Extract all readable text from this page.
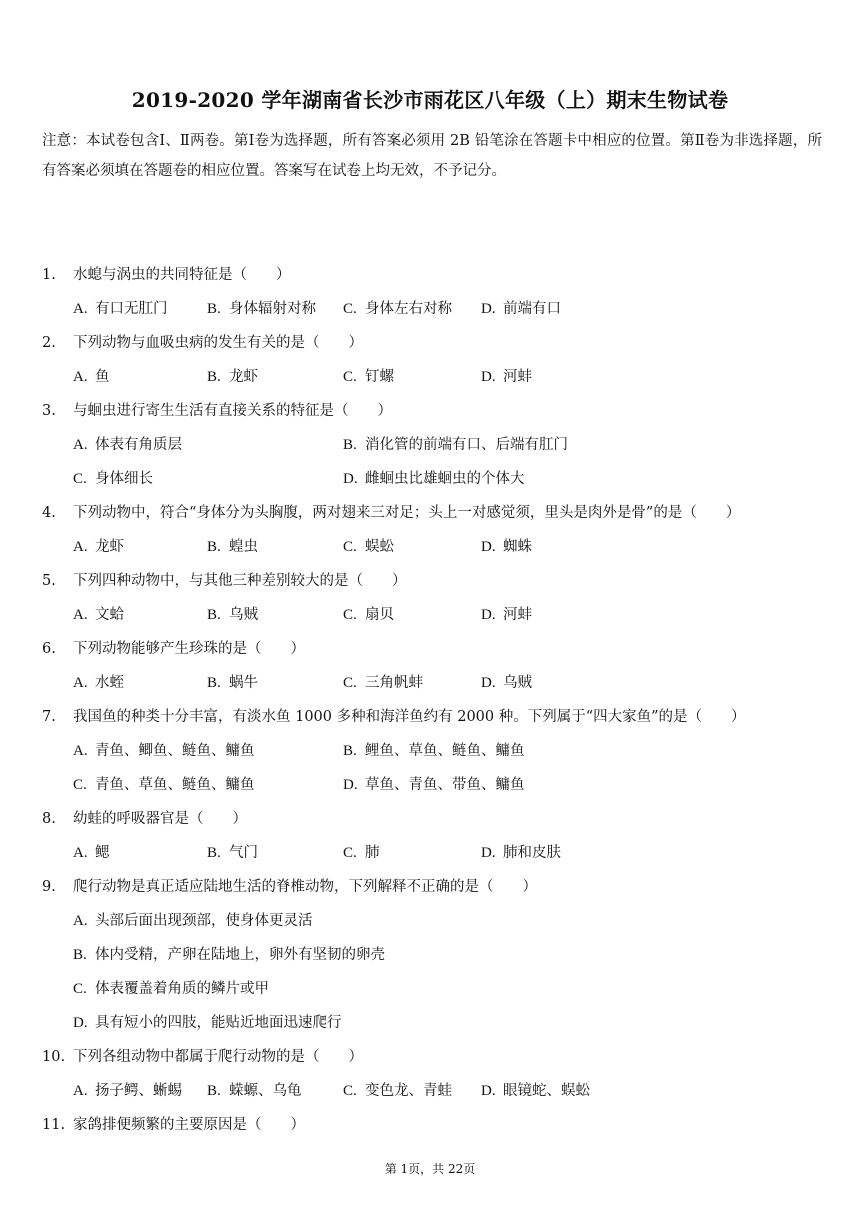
2019-2020 学年湖南省长沙市雨花区八年级（上）期末生物试卷
注意：本试卷包含Ⅰ、Ⅱ两卷。第Ⅰ卷为选择题，所有答案必须用 2B 铅笔涂在答题卡中相应的位置。第Ⅱ卷为非选择题，所有答案必须填在答题卷的相应位置。答案写在试卷上均无效，不予记分。
1. 水螅与涡虫的共同特征是（　　）
A. 有口无肛门	B. 身体辐射对称 C. 身体左右对称 D. 前端有口
2. 下列动物与血吸虫病的发生有关的是（　　）
A. 鱼	B. 龙虾	C. 钉螺	D. 河蚌
3. 与蛔虫进行寄生生活有直接关系的特征是（　　）
A. 体表有角质层	B. 消化管的前端有口、后端有肛门
C. 身体细长	D. 雌蛔虫比雄蛔虫的个体大
4. 下列动物中，符合“身体分为头胸腹，两对翅来三对足；头上一对感觉须，里头是肉外是骨”的是（　　）
A. 龙虾	B. 蝗虫	C. 蜈蚣	D. 蜘蛛
5. 下列四种动物中，与其他三种差别较大的是（　　）
A. 文蛤	B. 乌贼	C. 扇贝	D. 河蚌
6. 下列动物能够产生珍珠的是（　　）
A. 水蛭	B. 蜗牛	C. 三角帆蚌	D. 乌贼
7. 我国鱼的种类十分丰富，有淡水鱼 1000 多种和海洋鱼约有 2000 种。下列属于“四大家鱼”的是（　　）
A. 青鱼、鲫鱼、鲢鱼、鳙鱼	B. 鲤鱼、草鱼、鲢鱼、鳙鱼
C. 青鱼、草鱼、鲢鱼、鳙鱼	D. 草鱼、青鱼、带鱼、鳙鱼
8. 幼蛙的呼吸器官是（　　）
A. 鳃	B. 气门	C. 肺	D. 肺和皮肤
9. 爬行动物是真正适应陆地生活的脊椎动物，下列解释不正确的是（　　）
A. 头部后面出现颈部，使身体更灵活
B. 体内受精，产卵在陆地上，卵外有坚韧的卵壳
C. 体表覆盖着角质的鳞片或甲
D. 具有短小的四肢，能贴近地面迅速爬行
10. 下列各组动物中都属于爬行动物的是（　　）
A. 扬子鳄、蜥蜴 B. 蝾螈、乌龟	C. 变色龙、青蛙 D. 眼镜蛇、蜈蚣
11. 家鸽排便频繁的主要原因是（　　）
第 1页，共 22页
